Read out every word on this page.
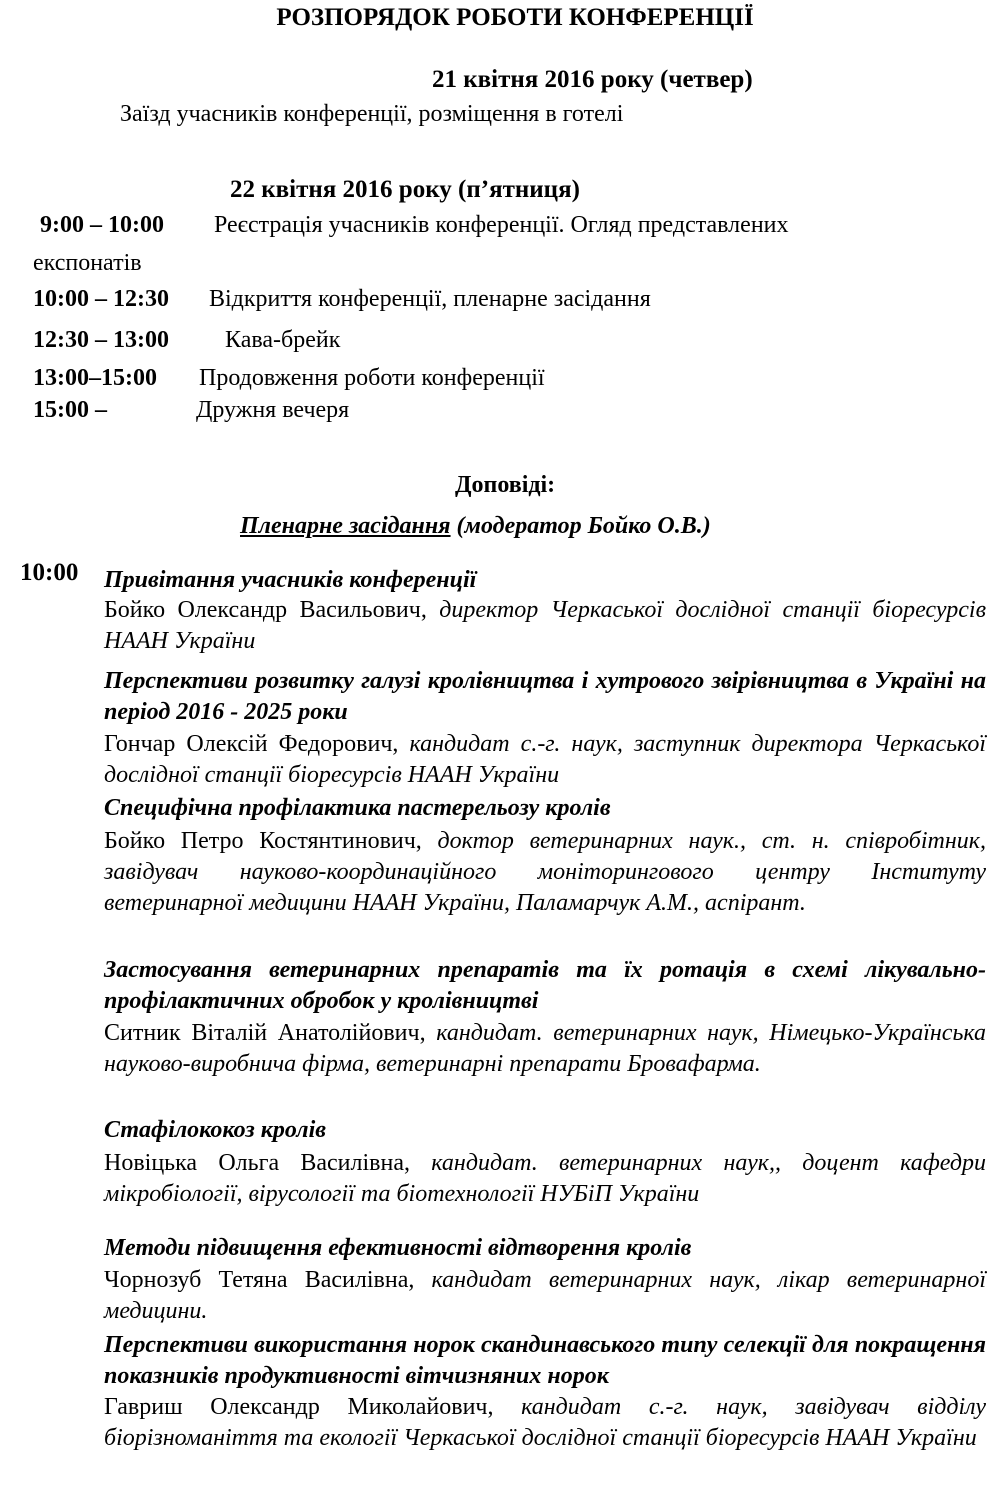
РОЗПОРЯДОК РОБОТИ КОНФЕРЕНЦІЇ
21 квітня 2016 року (четвер)
Заїзд учасників конференції, розміщення в готелі
22 квітня 2016 року (п’ятниця)
9:00 – 10:00 Реєстрація учасників конференції. Огляд представлених
експонатів
10:00 – 12:30 Відкриття конференції, пленарне засідання
12:30 – 13:00 Кава-брейк
13:00–15:00 Продовження роботи конференції
15:00 –	Дружня вечеря
Доповіді:
Пленарне засідання (модератор Бойко О.В.)
10:00 Привітання учасників конференції
Бойко Олександр Васильович, директор Черкаської дослідної станції біоресурсів НААН України
Перспективи розвитку галузі кролівництва і хутрового звірівництва в Україні на період 2016 - 2025 роки
Гончар Олексій Федорович, кандидат с.-г. наук, заступник директора Черкаської дослідної станції біоресурсів НААН України
Специфічна профілактика пастерельозу кролів
Бойко Петро Костянтинович, доктор ветеринарних наук., ст. н. співробітник, завідувач науково-координаційного моніторингового центру Інституту ветеринарної медицини НААН України, Паламарчук А.М., аспірант.
Застосування ветеринарних препаратів та їх ротація в схемі лікувально-профілактичних обробок у кролівництві
Ситник Віталій Анатолійович, кандидат. ветеринарних наук, Німецько-Українська науково-виробнича фірма, ветеринарні препарати Бровафарма.
Стафілококоз кролів
Новіцька Ольга Василівна, кандидат. ветеринарних наук,, доцент кафедри мікробіології, вірусології та біотехнології НУБіП України
Методи підвищення ефективності відтворення кролів
Чорнозуб Тетяна Василівна, кандидат ветеринарних наук, лікар ветеринарної медицини.
Перспективи використання норок скандинавського типу селекції для покращення показників продуктивності вітчизняних норок
Гавриш Олександр Миколайович, кандидат с.-г. наук, завідувач відділу біорізноманіття та екології Черкаської дослідної станції біоресурсів НААН України
